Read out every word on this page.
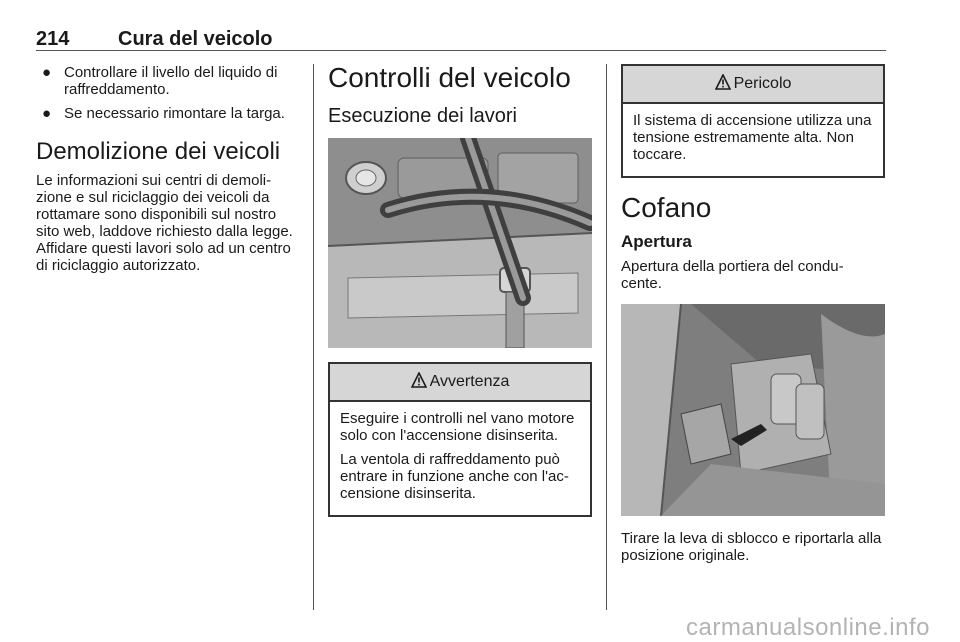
214 Cura del veicolo
● Controllare il livello del liquido di raffreddamento.
● Se necessario rimontare la targa.
Demolizione dei veicoli

Le informazioni sui centri di demoli- zione e sul riciclaggio dei veicoli da rottamare sono disponibili sul nostro sito web, laddove richiesto dalla legge. Affidare questi lavori solo ad un centro di riciclaggio autorizzato.

Controlli del veicolo
Esecuzione dei lavori
Avvertenza

Eseguire i controlli nel vano motore solo con l'accensione disinserita.

La ventola di raffreddamento può entrare in funzione anche con l'ac- censione disinserita.

Pericolo

Il sistema di accensione utilizza una tensione estremamente alta. Non toccare.

Cofano
Apertura

Apertura della portiera del condu- cente.

Tirare la leva di sblocco e riportarla alla posizione originale.

carmanualsonline.info
